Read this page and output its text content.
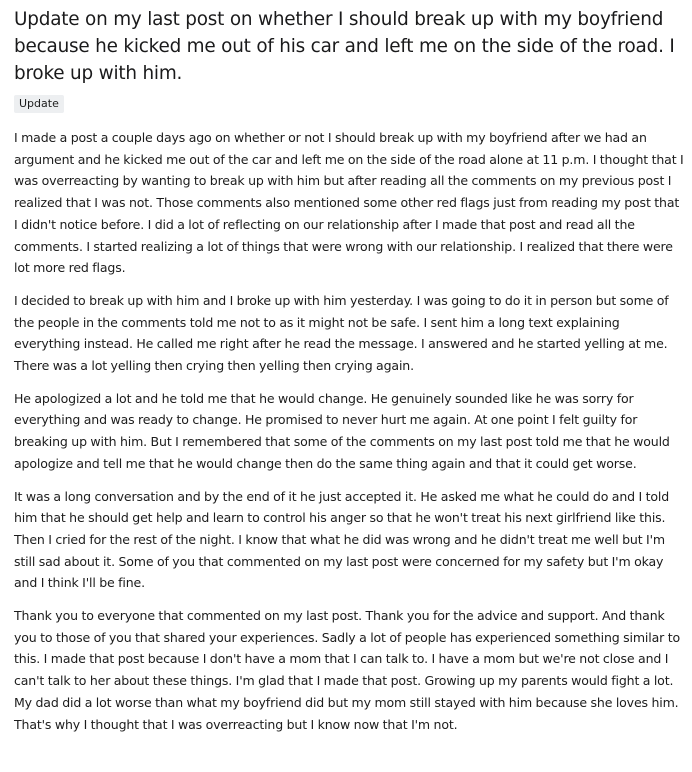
Update on my last post on whether I should break up with my boyfriend because he kicked me out of his car and left me on the side of the road. I broke up with him.
Update

I made a post a couple days ago on whether or not I should break up with my boyfriend after we had an argument and he kicked me out of the car and left me on the side of the road alone at 11 p.m. I thought that I was overreacting by wanting to break up with him but after reading all the comments on my previous post I realized that I was not. Those comments also mentioned some other red flags just from reading my post that I didn't notice before. I did a lot of reflecting on our relationship after I made that post and read all the comments. I started realizing a lot of things that were wrong with our relationship. I realized that there were lot more red flags.

I decided to break up with him and I broke up with him yesterday. I was going to do it in person but some of the people in the comments told me not to as it might not be safe. I sent him a long text explaining everything instead. He called me right after he read the message. I answered and he started yelling at me. There was a lot yelling then crying then yelling then crying again.

He apologized a lot and he told me that he would change. He genuinely sounded like he was sorry for everything and was ready to change. He promised to never hurt me again. At one point I felt guilty for breaking up with him. But I remembered that some of the comments on my last post told me that he would apologize and tell me that he would change then do the same thing again and that it could get worse.

It was a long conversation and by the end of it he just accepted it. He asked me what he could do and I told him that he should get help and learn to control his anger so that he won't treat his next girlfriend like this. Then I cried for the rest of the night. I know that what he did was wrong and he didn't treat me well but I'm still sad about it. Some of you that commented on my last post were concerned for my safety but I'm okay and I think I'll be fine.

Thank you to everyone that commented on my last post. Thank you for the advice and support. And thank you to those of you that shared your experiences. Sadly a lot of people has experienced something similar to this. I made that post because I don't have a mom that I can talk to. I have a mom but we're not close and I can't talk to her about these things. I'm glad that I made that post. Growing up my parents would fight a lot. My dad did a lot worse than what my boyfriend did but my mom still stayed with him because she loves him. That's why I thought that I was overreacting but I know now that I'm not.
